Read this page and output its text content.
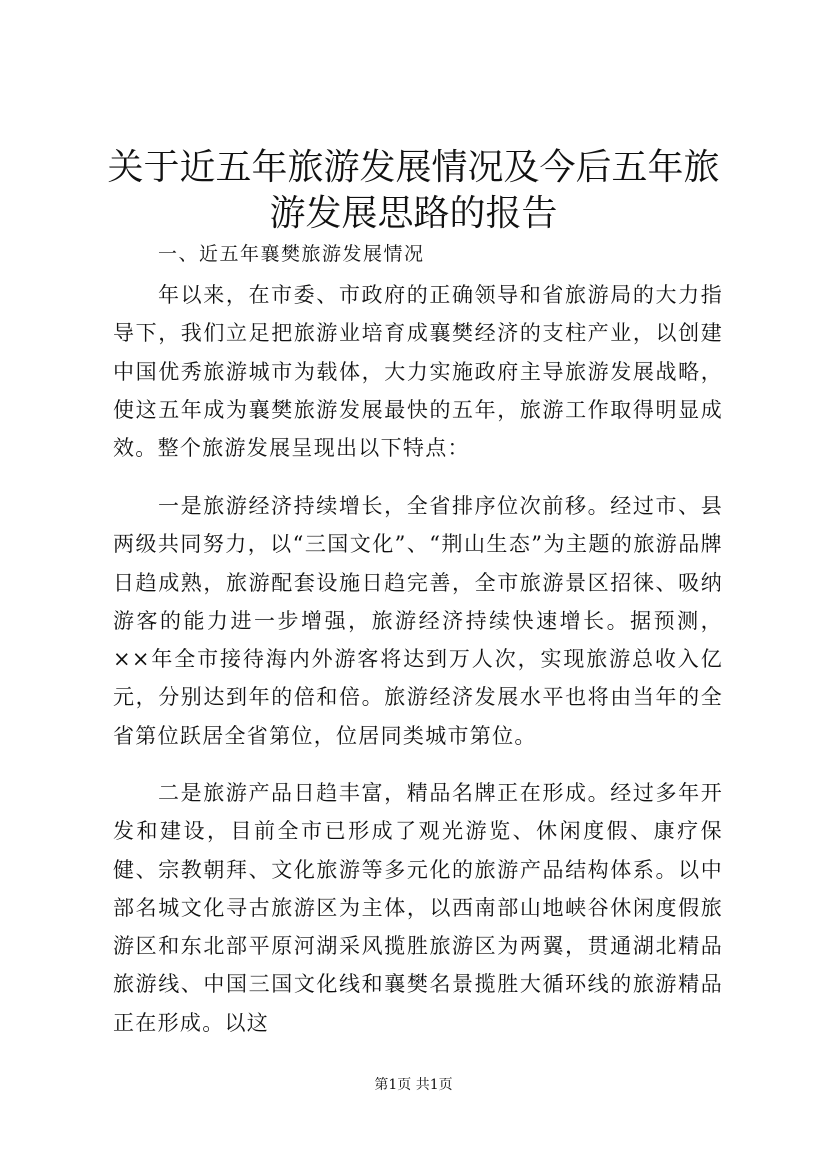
关于近五年旅游发展情况及今后五年旅游发展思路的报告
一、近五年襄樊旅游发展情况

年以来，在市委、市政府的正确领导和省旅游局的大力指导下，我们立足把旅游业培育成襄樊经济的支柱产业，以创建中国优秀旅游城市为载体，大力实施政府主导旅游发展战略，使这五年成为襄樊旅游发展最快的五年，旅游工作取得明显成效。整个旅游发展呈现出以下特点：

一是旅游经济持续增长，全省排序位次前移。经过市、县两级共同努力，以“三国文化”、“荆山生态”为主题的旅游品牌日趋成熟，旅游配套设施日趋完善，全市旅游景区招徕、吸纳游客的能力进一步增强，旅游经济持续快速增长。据预测，××年全市接待海内外游客将达到万人次，实现旅游总收入亿元，分别达到年的倍和倍。旅游经济发展水平也将由当年的全省第位跃居全省第位，位居同类城市第位。

二是旅游产品日趋丰富，精品名牌正在形成。经过多年开发和建设，目前全市已形成了观光游览、休闲度假、康疗保健、宗教朝拜、文化旅游等多元化的旅游产品结构体系。以中部名城文化寻古旅游区为主体，以西南部山地峡谷休闲度假旅游区和东北部平原河湖采风揽胜旅游区为两翼，贯通湖北精品旅游线、中国三国文化线和襄樊名景揽胜大循环线的旅游精品正在形成。以这

第1页 共1页
